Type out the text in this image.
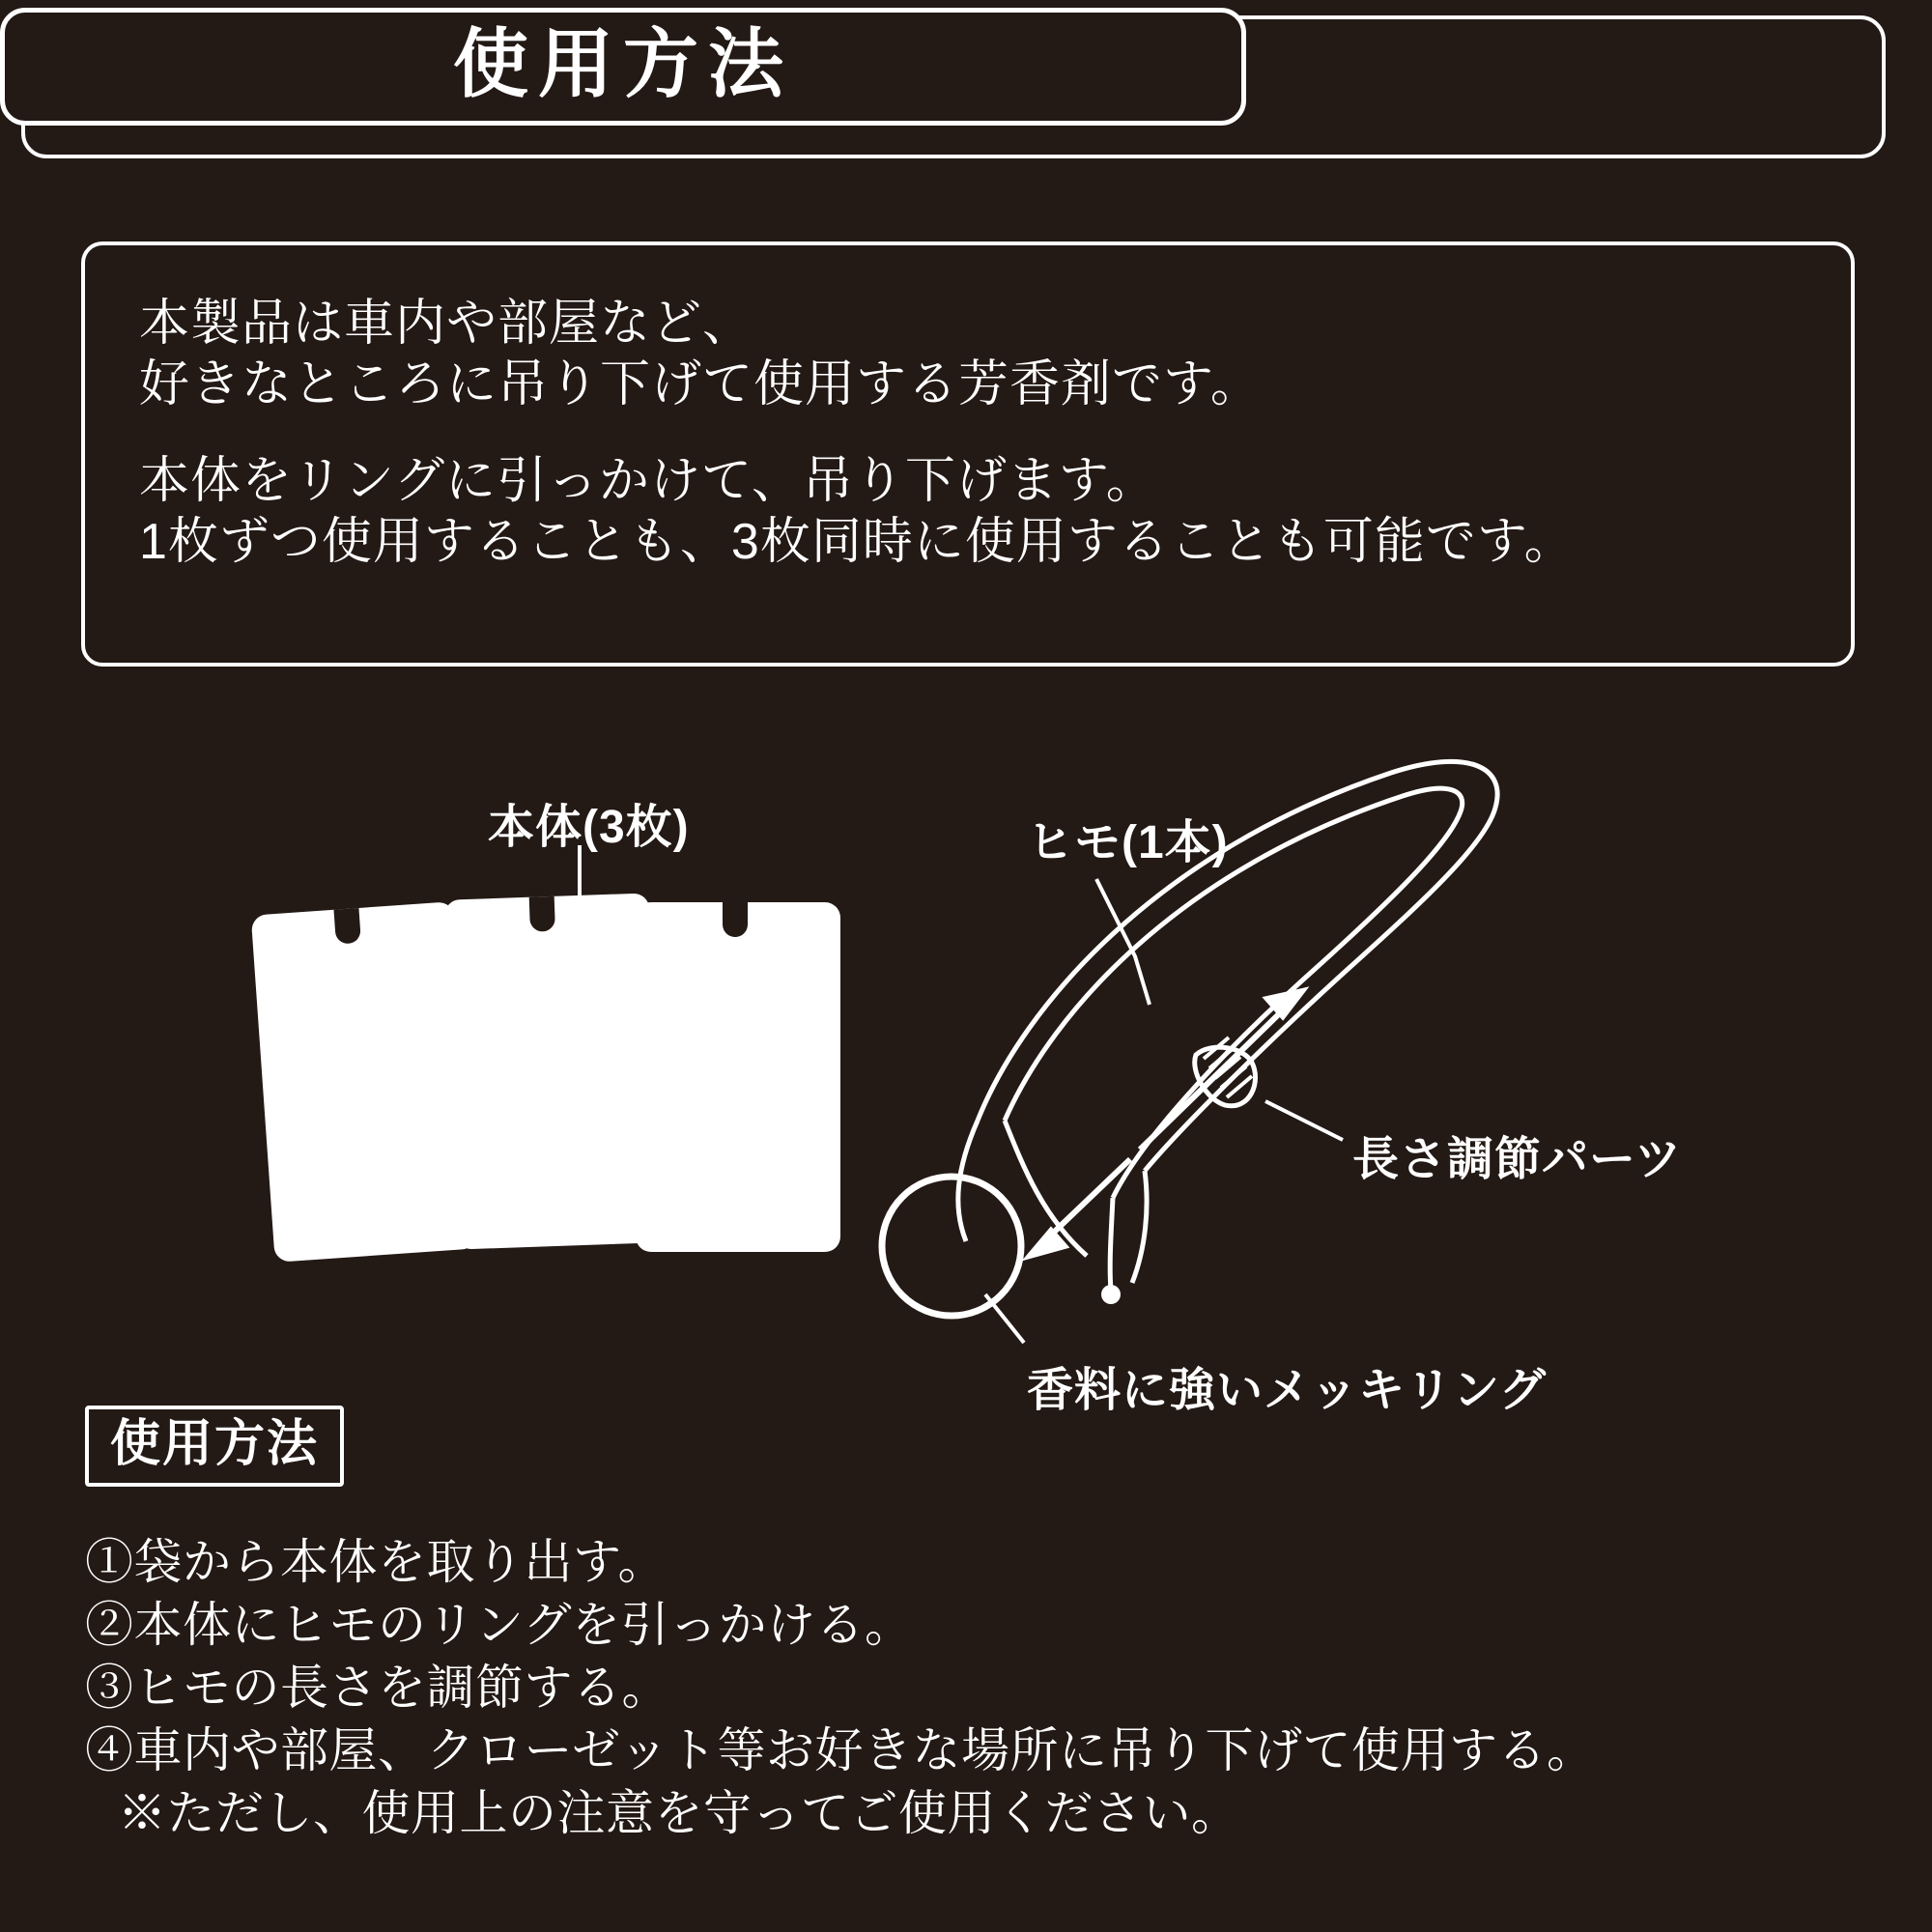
使用方法
本製品は車内や部屋など、
好きなところに吊り下げて使用する芳香剤です。
本体をリングに引っかけて、吊り下げます。
1枚ずつ使用することも、3枚同時に使用することも可能です。
本体(3枚)	ヒモ(1本)
長さ調節パーツ
香料に強いメッキリング
使用方法
①袋から本体を取り出す。
②本体にヒモのリングを引っかける。
③ヒモの長さを調節する。
④車内や部屋、クローゼット等お好きな場所に吊り下げて使用する。
※ただし、使用上の注意を守ってご使用ください。
